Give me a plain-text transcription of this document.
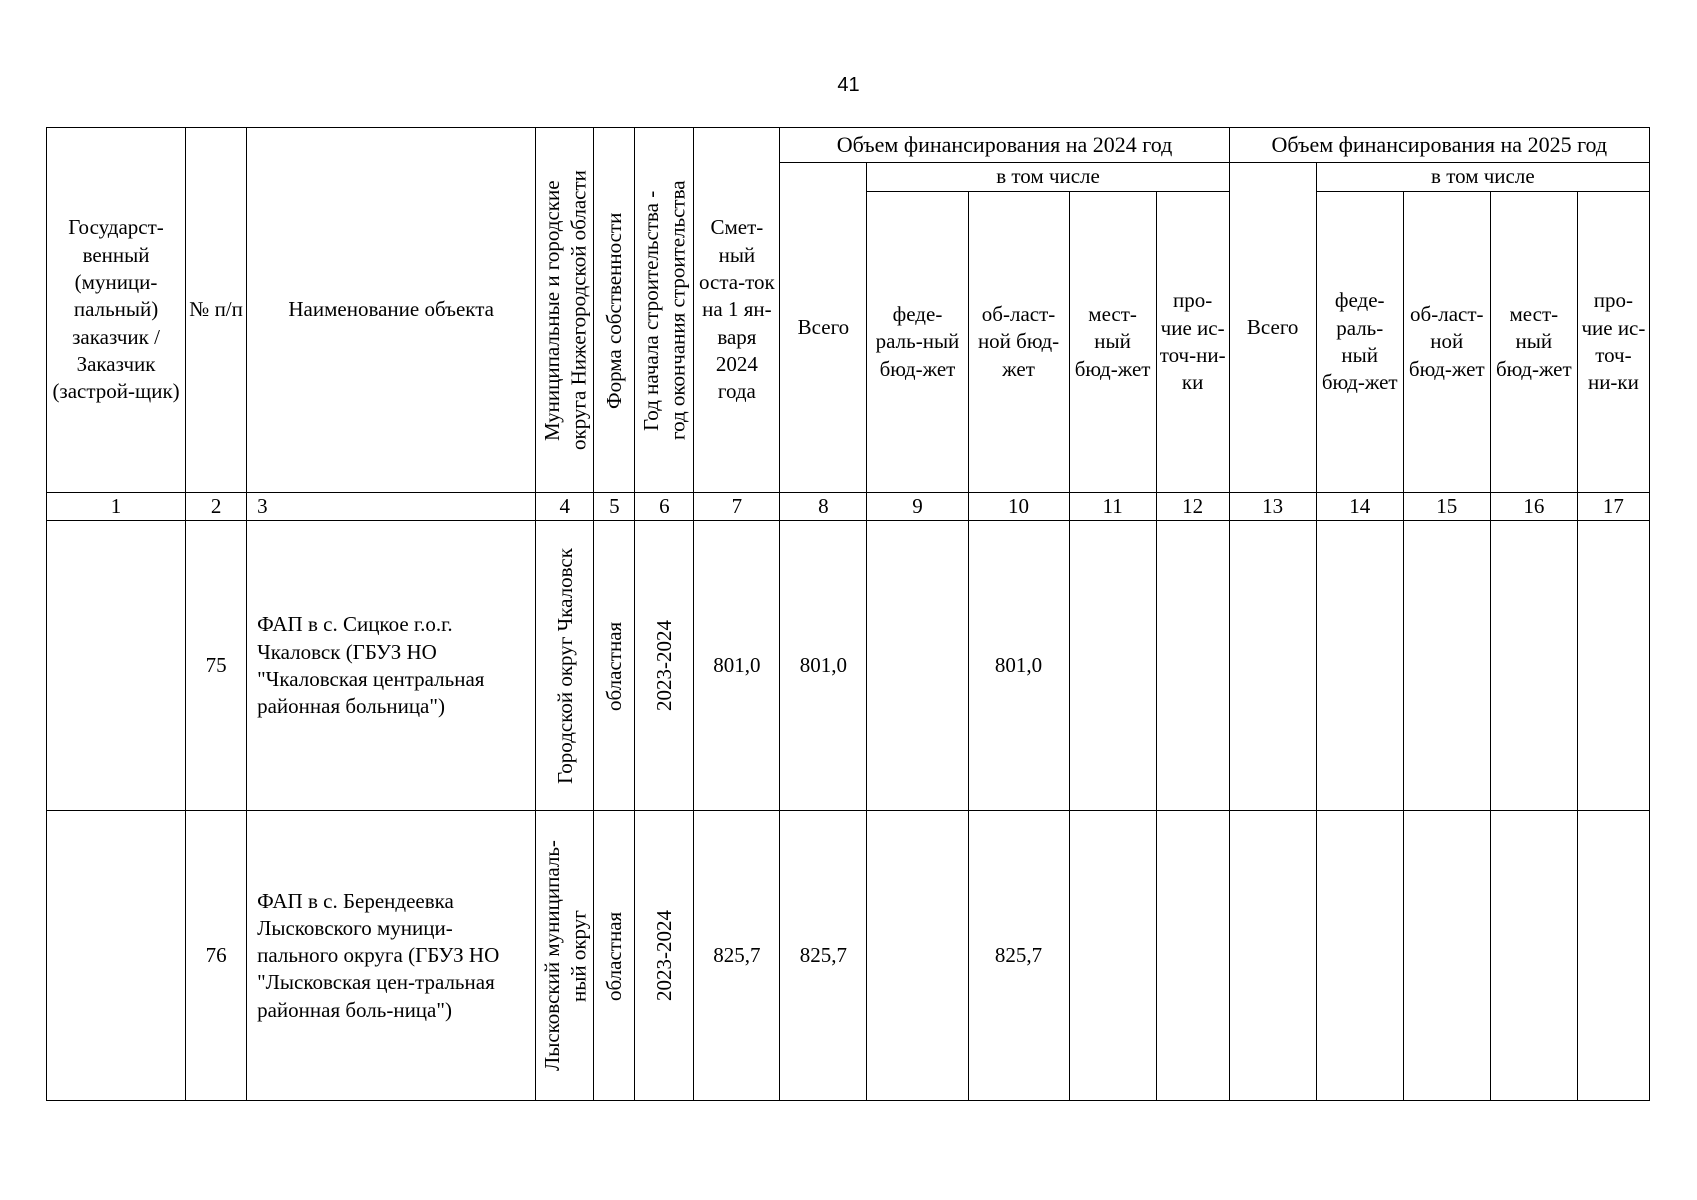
41
Государст-венный (муници-пальный) заказчик / Заказчик (застрой-щик)	№ п/п	Наименование объекта	Муниципальные и городские округа Нижегородской области	Форма собственности	Год начала строительства - год окончания строительства	Смет-ный оста-ток на 1 ян-варя 2024 года	Объем финансирования на 2024 год					Объем финансирования на 2025 год				
							Всего	в том числе				Всего	в том числе			
								феде-раль-ный бюд-жет	об-ласт-ной бюд-жет	мест-ный бюд-жет	про-чие ис-точ-ни-ки		феде-раль-ный бюд-жет	об-ласт-ной бюд-жет	мест-ный бюд-жет	про-чие ис-точ-ни-ки
1	2	3	4	5	6	7	8	9	10	11	12	13	14	15	16	17
	75	ФАП в с. Сицкое г.о.г. Чкаловск (ГБУЗ НО "Чкаловская центральная районная больница")	Городской округ Чкаловск	областная	2023-2024	801,0	801,0		801,0							
	76	ФАП в с. Берендеевка Лысковского муници-пального округа (ГБУЗ НО "Лысковская цен-тральная районная боль-ница")	Лысковский муниципаль- ный округ	областная	2023-2024	825,7	825,7		825,7							
